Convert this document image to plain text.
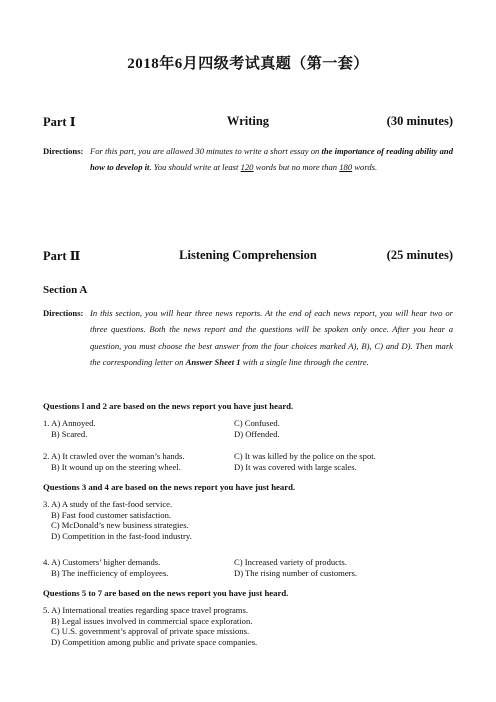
2018年6月四级考试真题（第一套）
Part Ⅰ	Writing	(30 minutes)
Directions: For this part, you are allowed 30 minutes to write a short essay on the importance of reading ability and how to develop it. You should write at least 120 words but no more than 180 words.
Part Ⅱ	Listening Comprehension	(25 minutes)
Section A
Directions: In this section, you will hear three news reports. At the end of each news report, you will hear two or three questions. Both the news report and the questions will be spoken only once. After you hear a question, you must choose the best answer from the four choices marked A), B), C) and D). Then mark the corresponding letter on Answer Sheet 1 with a single line through the centre.
Questions l and 2 are based on the news report you have just heard.
1. A) Annoyed.	C) Confused.
B) Scared.	D) Offended.
2. A) It crawled over the woman’s hands.	C) It was killed by the police on the spot.
B) It wound up on the steering wheel.	D) It was covered with large scales.
Questions 3 and 4 are based on the news report you have just heard.
3. A) A study of the fast-food service.
B) Fast food customer satisfaction.
C) McDonald’s new business strategies.
D) Competition in the fast-food industry.
4. A) Customers’ higher demands.	C) Increased variety of products.
B) The inefficiency of employees.	D) The rising number of customers.
Questions 5 to 7 are based on the news report you have just heard.
5. A) International treaties regarding space travel programs.
B) Legal issues involved in commercial space exploration.
C) U.S. government’s approval of private space missions.
D) Competition among public and private space companies.
